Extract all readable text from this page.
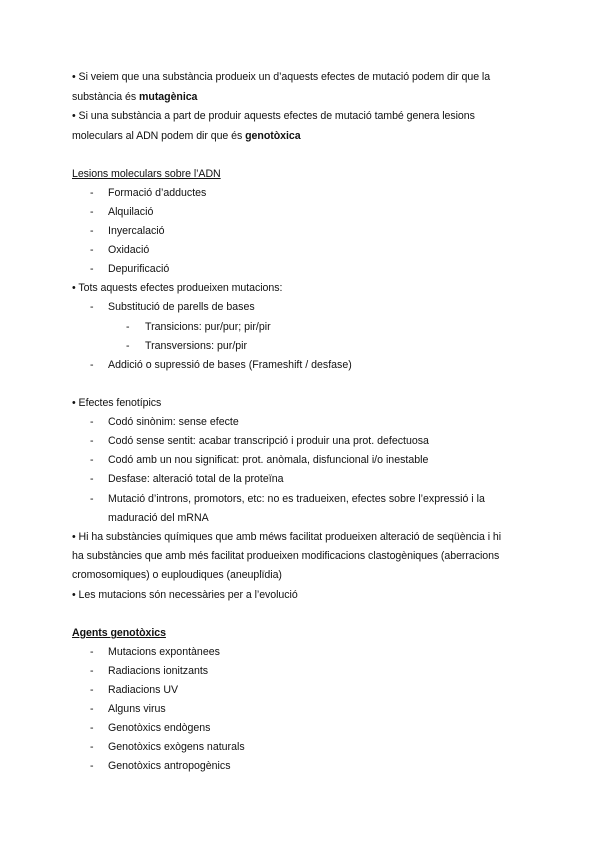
• Si veiem que una substància produeix un d’aquests efectes de mutació podem dir que la
substància és mutagènica
• Si una substància a part de produir aquests efectes de mutació també genera lesions
moleculars al ADN podem dir que és genotòxica
Lesions moleculars sobre l’ADN
- Formació d’adductes
- Alquilació
- Inyercalació
- Oxidació
- Depurificació
• Tots aquests efectes produeixen mutacions:
- Substitució de parells de bases
- Transicions: pur/pur; pir/pir
- Transversions: pur/pir
- Addició o supressió de bases (Frameshift / desfase)
• Efectes fenotípics
- Codó sinònim: sense efecte
- Codó sense sentit: acabar transcripció i produir una prot. defectuosa
- Codó amb un nou significat: prot. anòmala, disfuncional i/o inestable
- Desfase: alteració total de la proteïna
- Mutació d’introns, promotors, etc: no es tradueixen, efectes sobre l’expressió i la
maduració del mRNA
• Hi ha substàncies químiques que amb méws facilitat produeixen alteració de seqüència i hi
ha substàncies que amb més facilitat produeixen modificacions clastogèniques (aberracions
cromosomiques) o euploudiques (aneuplïdia)
• Les mutacions són necessàries per a l’evolució
Agents genotòxics
- Mutacions expontànees
- Radiacions ionitzants
- Radiacions UV
- Alguns virus
- Genotòxics endògens
- Genotòxics exògens naturals
- Genotòxics antropogènics
